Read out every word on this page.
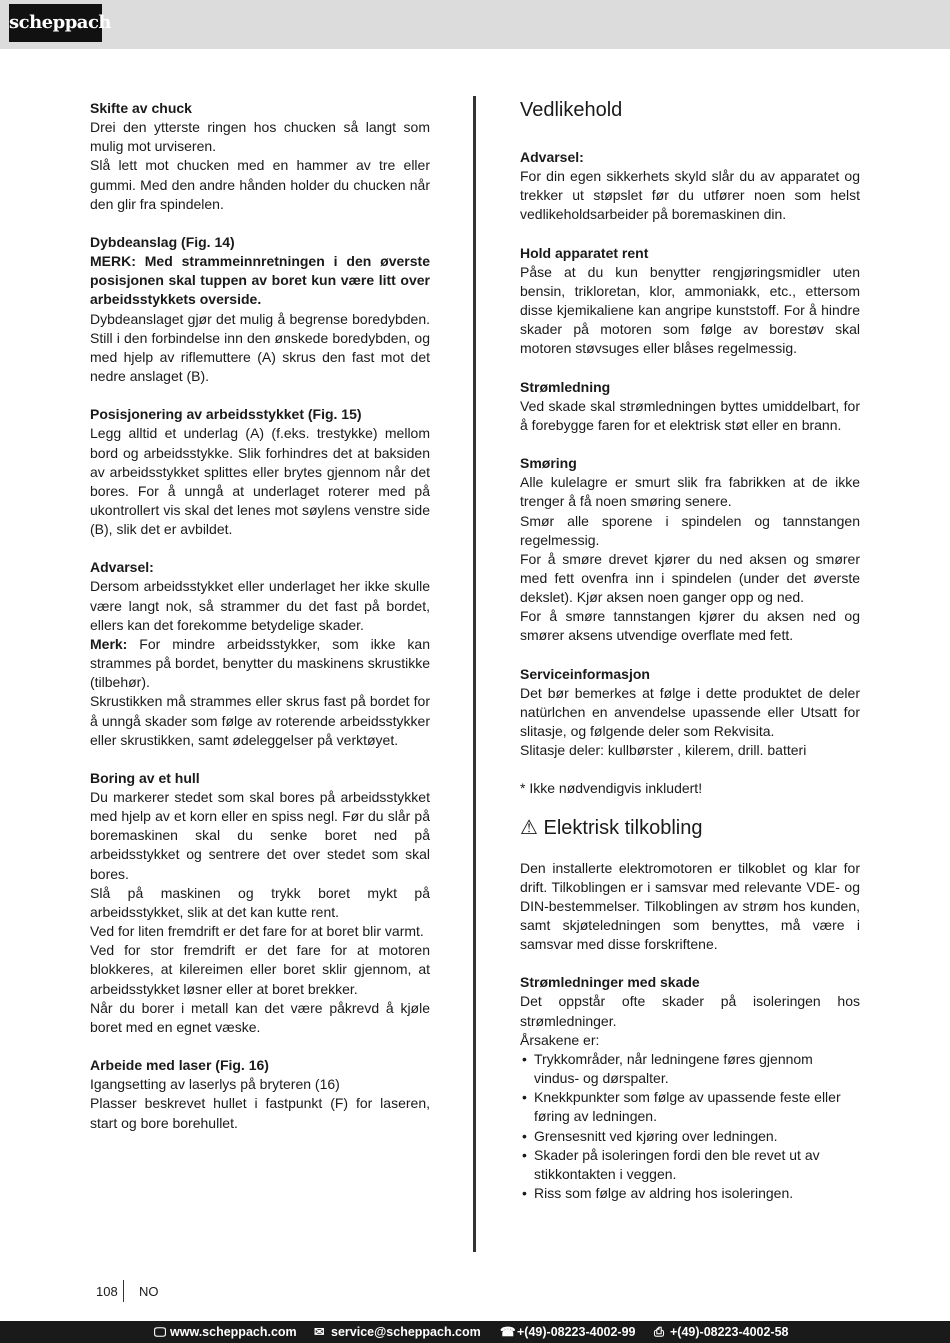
scheppach

Skifte av chuck

Drei den ytterste ringen hos chucken så langt som mulig mot urviseren.

Slå lett mot chucken med en hammer av tre eller gummi. Med den andre hånden holder du chucken når den glir fra spindelen.

Dybdeanslag (Fig. 14)

MERK: Med strammeinnretningen i den øverste posisjonen skal tuppen av boret kun være litt over arbeidsstykkets overside.

Dybdeanslaget gjør det mulig å begrense boredybden. Still i den forbindelse inn den ønskede boredybden, og med hjelp av riflemuttere (A) skrus den fast mot det nedre anslaget (B).

Posisjonering av arbeidsstykket (Fig. 15)

Legg alltid et underlag (A) (f.eks. trestykke) mellom bord og arbeidsstykke. Slik forhindres det at baksiden av arbeidsstykket splittes eller brytes gjennom når det bores. For å unngå at underlaget roterer med på ukontrollert vis skal det lenes mot søylens venstre side (B), slik det er avbildet.

Advarsel:

Dersom arbeidsstykket eller underlaget her ikke skulle være langt nok, så strammer du det fast på bordet, ellers kan det forekomme betydelige skader.

Merk: For mindre arbeidsstykker, som ikke kan strammes på bordet, benytter du maskinens skrustikke (tilbehør).

Skrustikken må strammes eller skrus fast på bordet for å unngå skader som følge av roterende arbeidsstykker eller skrustikken, samt ødeleggelser på verktøyet.

Boring av et hull

Du markerer stedet som skal bores på arbeidsstykket med hjelp av et korn eller en spiss negl. Før du slår på boremaskinen skal du senke boret ned på arbeidsstykket og sentrere det over stedet som skal bores.

Slå på maskinen og trykk boret mykt på arbeidsstykket, slik at det kan kutte rent.

Ved for liten fremdrift er det fare for at boret blir varmt.

Ved for stor fremdrift er det fare for at motoren blokkeres, at kilereimen eller boret sklir gjennom, at arbeidsstykket løsner eller at boret brekker.

Når du borer i metall kan det være påkrevd å kjøle boret med en egnet væske.

Arbeide med laser (Fig. 16)

Igangsetting av laserlys på bryteren (16)

Plasser beskrevet hullet i fastpunkt (F) for laseren, start og bore borehullet.

Vedlikehold

Advarsel:

For din egen sikkerhets skyld slår du av apparatet og trekker ut støpslet før du utfører noen som helst vedlikeholdsarbeider på boremaskinen din.

Hold apparatet rent

Påse at du kun benytter rengjøringsmidler uten bensin, trikloretan, klor, ammoniakk, etc., ettersom disse kjemikaliene kan angripe kunststoff. For å hindre skader på motoren som følge av borestøv skal motoren støvsuges eller blåses regelmessig.

Strømledning

Ved skade skal strømledningen byttes umiddelbart, for å forebygge faren for et elektrisk støt eller en brann.

Smøring

Alle kulelagre er smurt slik fra fabrikken at de ikke trenger å få noen smøring senere.

Smør alle sporene i spindelen og tannstangen regelmessig.

For å smøre drevet kjører du ned aksen og smører med fett ovenfra inn i spindelen (under det øverste dekslet). Kjør aksen noen ganger opp og ned.

For å smøre tannstangen kjører du aksen ned og smører aksens utvendige overflate med fett.

Serviceinformasjon

Det bør bemerkes at følge i dette produktet de deler natürlchen en anvendelse upassende eller Utsatt for slitasje, og følgende deler som Rekvisita.

Slitasje deler: kullbørster , kilerem, drill. batteri

* Ikke nødvendigvis inkludert!

⚠ Elektrisk tilkobling

Den installerte elektromotoren er tilkoblet og klar for drift. Tilkoblingen er i samsvar med relevante VDE- og DIN-bestemmelser. Tilkoblingen av strøm hos kunden, samt skjøteledningen som benyttes, må være i samsvar med disse forskriftene.

Strømledninger med skade

Det oppstår ofte skader på isoleringen hos strømledninger.

Årsakene er:

• Trykkområder, når ledningene føres gjennom vindus- og dørspalter.
• Knekkpunkter som følge av upassende feste eller føring av ledningen.
• Grensesnitt ved kjøring over ledningen.
• Skader på isoleringen fordi den ble revet ut av stikkontakten i veggen.
• Riss som følge av aldring hos isoleringen.
108 NO
🖵 www.scheppach.com ✉ service@scheppach.com ☎ +(49)-08223-4002-99 ⎙ +(49)-08223-4002-58
